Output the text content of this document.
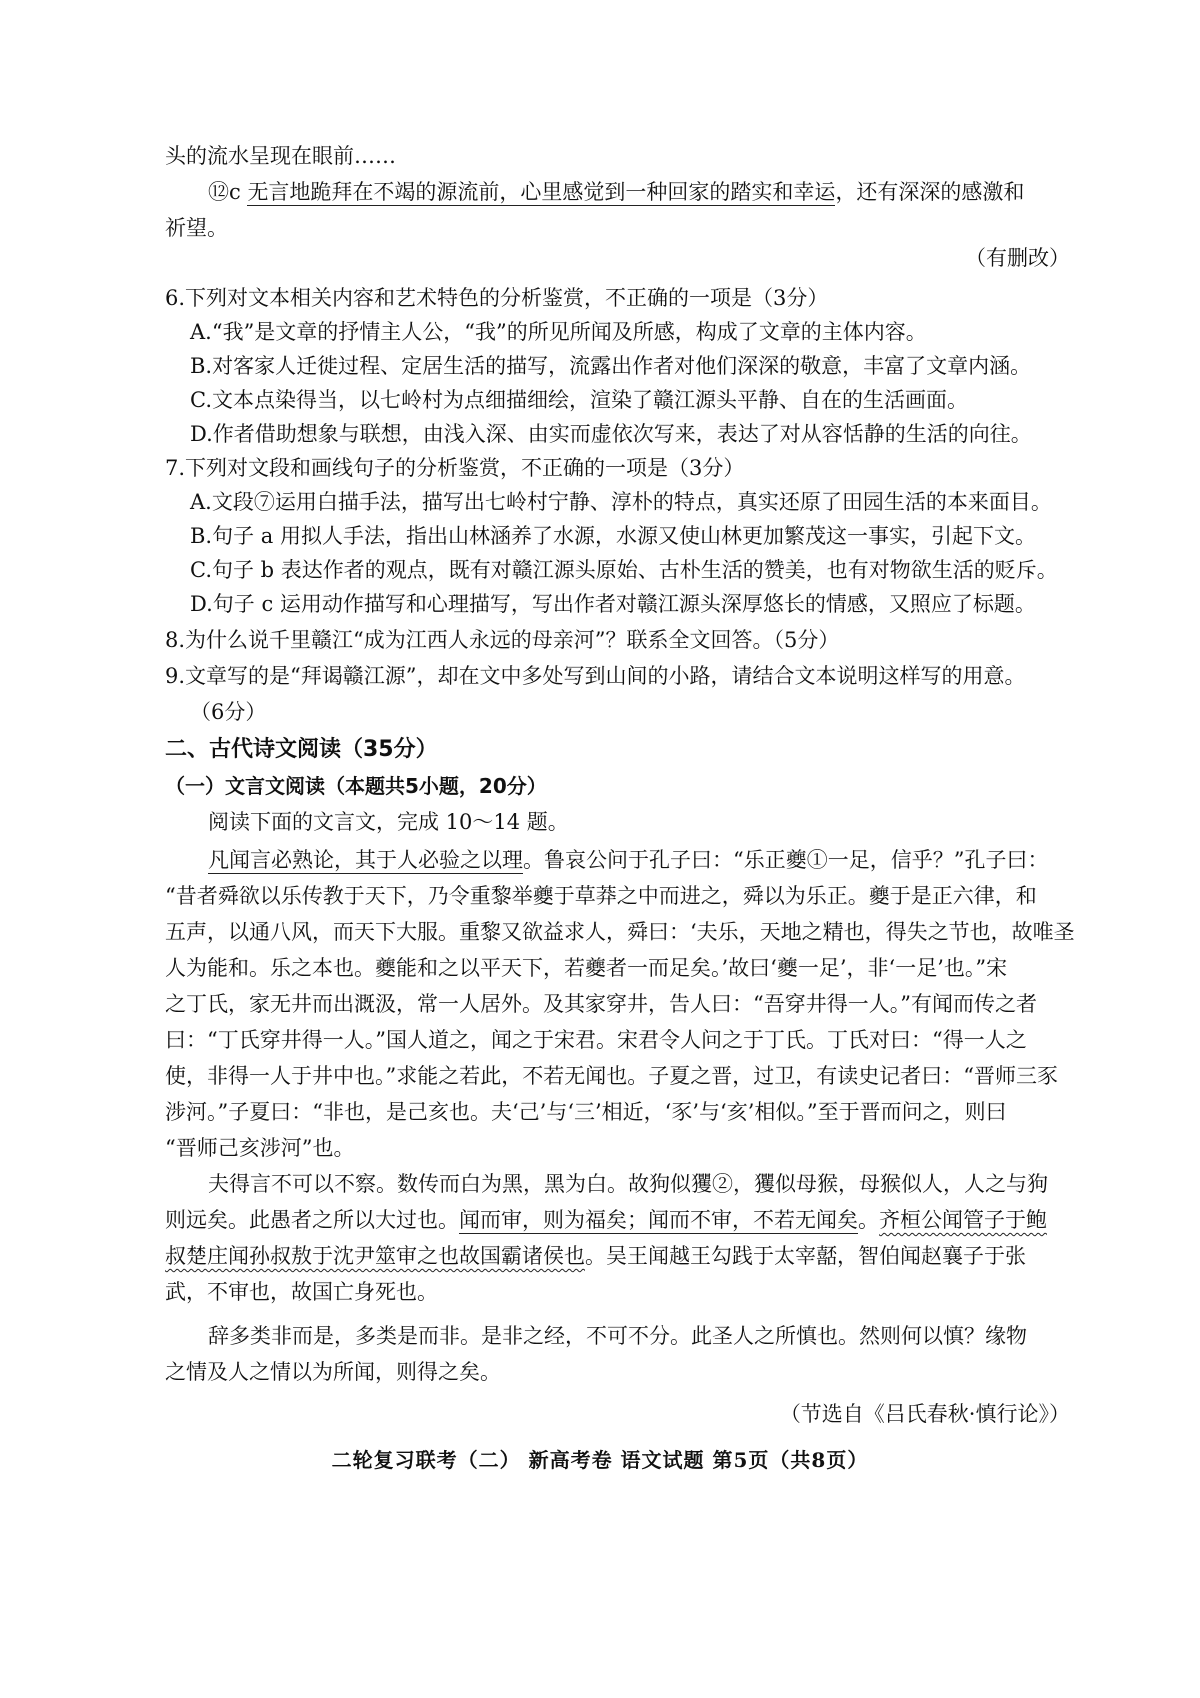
头的流水呈现在眼前……
⑫c 无言地跪拜在不竭的源流前，心里感觉到一种回家的踏实和幸运，还有深深的感激和
祈望。
（有删改）
6.下列对文本相关内容和艺术特色的分析鉴赏，不正确的一项是（3分）
A.“我”是文章的抒情主人公，“我”的所见所闻及所感，构成了文章的主体内容。
B.对客家人迁徙过程、定居生活的描写，流露出作者对他们深深的敬意，丰富了文章内涵。
C.文本点染得当，以七岭村为点细描细绘，渲染了赣江源头平静、自在的生活画面。
D.作者借助想象与联想，由浅入深、由实而虚依次写来，表达了对从容恬静的生活的向往。
7.下列对文段和画线句子的分析鉴赏，不正确的一项是（3分）
A.文段⑦运用白描手法，描写出七岭村宁静、淳朴的特点，真实还原了田园生活的本来面目。
B.句子 a 用拟人手法，指出山林涵养了水源，水源又使山林更加繁茂这一事实，引起下文。
C.句子 b 表达作者的观点，既有对赣江源头原始、古朴生活的赞美，也有对物欲生活的贬斥。
D.句子 c 运用动作描写和心理描写，写出作者对赣江源头深厚悠长的情感，又照应了标题。
8.为什么说千里赣江“成为江西人永远的母亲河”？联系全文回答。（5分）
9.文章写的是“拜谒赣江源”，却在文中多处写到山间的小路，请结合文本说明这样写的用意。
（6分）
二、古代诗文阅读（35分）
（一）文言文阅读（本题共5小题，20分）
阅读下面的文言文，完成 10～14 题。
凡闻言必熟论，其于人必验之以理。鲁哀公问于孔子曰：“乐正夔①一足，信乎？”孔子曰：
“昔者舜欲以乐传教于天下，乃令重黎举夔于草莽之中而进之，舜以为乐正。夔于是正六律，和
五声，以通八风，而天下大服。重黎又欲益求人，舜曰：‘夫乐，天地之精也，得失之节也，故唯圣
人为能和。乐之本也。夔能和之以平天下，若夔者一而足矣。’故曰‘夔一足’，非‘一足’也。”宋
之丁氏，家无井而出溉汲，常一人居外。及其家穿井，告人曰：“吾穿井得一人。”有闻而传之者
曰：“丁氏穿井得一人。”国人道之，闻之于宋君。宋君令人问之于丁氏。丁氏对曰：“得一人之
使，非得一人于井中也。”求能之若此，不若无闻也。子夏之晋，过卫，有读史记者曰：“晋师三豕
涉河。”子夏曰：“非也，是己亥也。夫‘己’与‘三’相近，‘豕’与‘亥’相似。”至于晋而问之，则曰
“晋师己亥涉河”也。
夫得言不可以不察。数传而白为黑，黑为白。故狗似玃②，玃似母猴，母猴似人，人之与狗
则远矣。此愚者之所以大过也。闻而审，则为福矣；闻而不审，不若无闻矣。齐桓公闻管子于鲍
叔楚庄闻孙叔敖于沈尹筮审之也故国霸诸侯也。吴王闻越王勾践于太宰嚭，智伯闻赵襄子于张
武，不审也，故国亡身死也。
辞多类非而是，多类是而非。是非之经，不可不分。此圣人之所慎也。然则何以慎？缘物
之情及人之情以为所闻，则得之矣。
（节选自《吕氏春秋·慎行论》）
二轮复习联考（二） 新高考卷 语文试题 第5页（共8页）
